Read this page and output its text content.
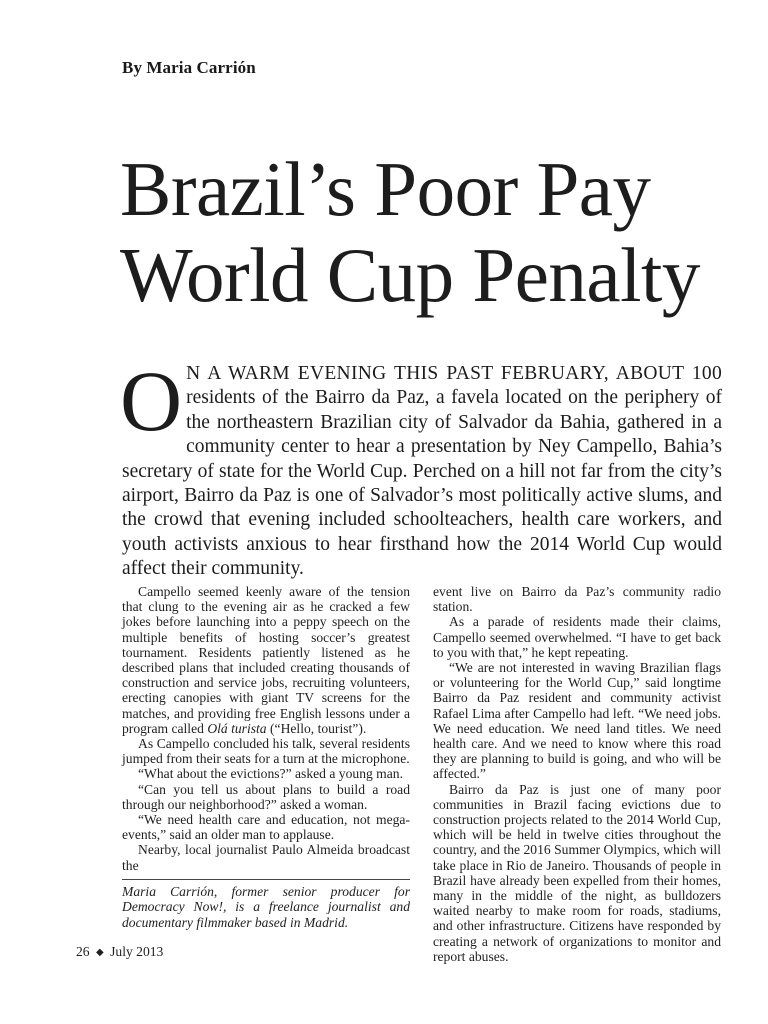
By Maria Carrión
Brazil’s Poor Pay
World Cup Penalty
O N A WARM EVENING THIS PAST FEBRUARY, ABOUT 100 residents of the Bairro da Paz, a favela located on the periphery of the northeastern Brazilian city of Salvador da Bahia, gathered in a community center to hear a presentation by Ney Campello, Bahia’s secretary of state for the World Cup. Perched on a hill not far from the city’s airport, Bairro da Paz is one of Salvador’s most politically active slums, and the crowd that evening included schoolteachers, health care workers, and youth activists anxious to hear firsthand how the 2014 World Cup would affect their community.

Campello seemed keenly aware of the tension that clung to the evening air as he cracked a few jokes before launching into a peppy speech on the multiple benefits of hosting soccer’s greatest tournament. Residents patiently listened as he described plans that included creating thousands of construction and service jobs, recruiting volunteers, erecting canopies with giant TV screens for the matches, and providing free English lessons under a program called Olá turista (“Hello, tourist”).

As Campello concluded his talk, several residents jumped from their seats for a turn at the microphone.

“What about the evictions?” asked a young man.

“Can you tell us about plans to build a road through our neighborhood?” asked a woman.

“We need health care and education, not mega-events,” said an older man to applause.

Nearby, local journalist Paulo Almeida broadcast the

Maria Carrión, former senior producer for Democracy Now!, is a freelance journalist and documentary filmmaker based in Madrid.

event live on Bairro da Paz’s community radio station.

As a parade of residents made their claims, Campello seemed overwhelmed. “I have to get back to you with that,” he kept repeating.

“We are not interested in waving Brazilian flags or volunteering for the World Cup,” said longtime Bairro da Paz resident and community activist Rafael Lima after Campello had left. “We need jobs. We need education. We need land titles. We need health care. And we need to know where this road they are planning to build is going, and who will be affected.”

Bairro da Paz is just one of many poor communities in Brazil facing evictions due to construction projects related to the 2014 World Cup, which will be held in twelve cities throughout the country, and the 2016 Summer Olympics, which will take place in Rio de Janeiro. Thousands of people in Brazil have already been expelled from their homes, many in the middle of the night, as bulldozers waited nearby to make room for roads, stadiums, and other infrastructure. Citizens have responded by creating a network of organizations to monitor and report abuses.

26 ◆ July 2013
